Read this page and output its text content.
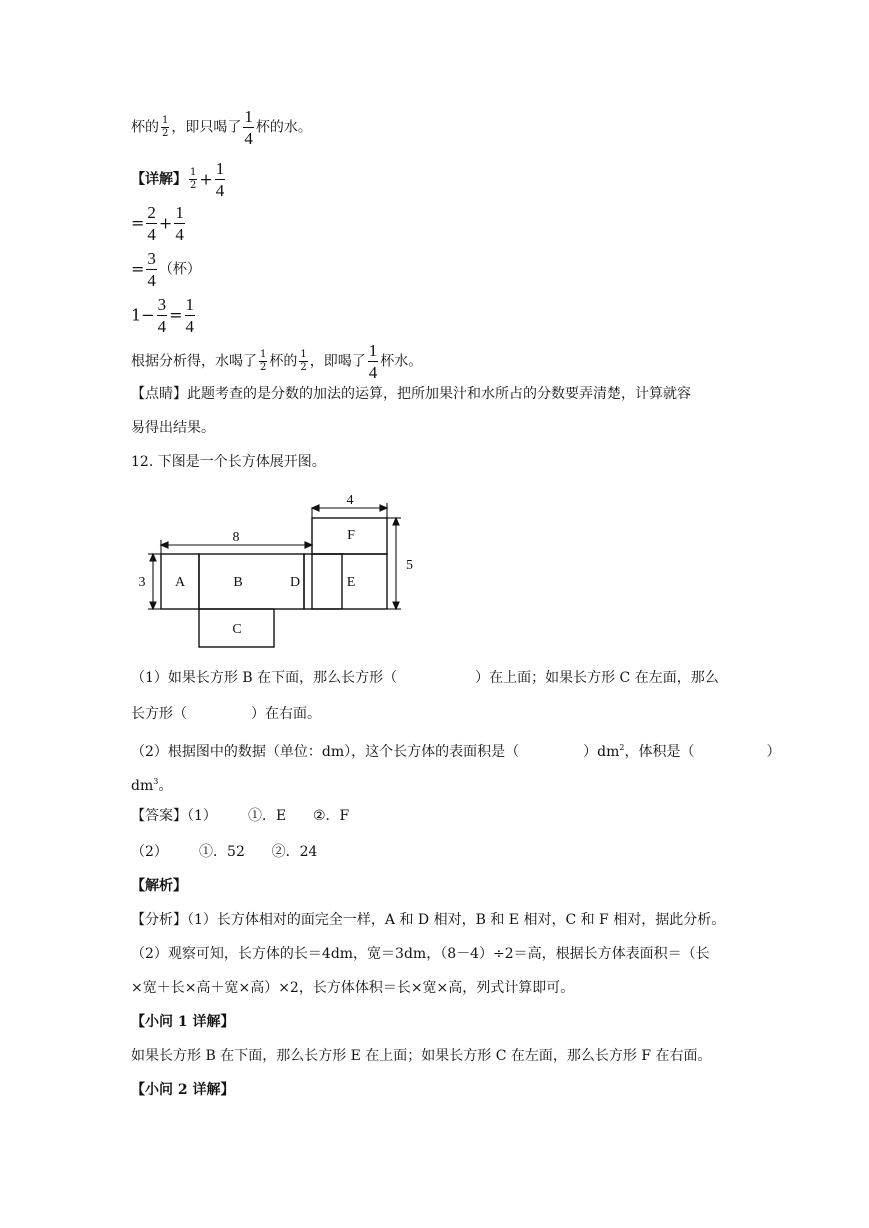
杯的 $\frac{1}{2}$ ，即只喝了 $\frac{1}{4}$ 杯的水。
【详解】 $\frac{1}{2} + \frac{1}{4}$
= $\frac{2}{4} + \frac{1}{4}$
= $\frac{3}{4}$ （杯）
$1- \frac{3}{4} = \frac{1}{4}$
根据分析得，水喝了 $\frac{1}{2}$ 杯的 $\frac{1}{2}$ ，即喝了 $\frac{1}{4}$ 杯水。
【点睛】此题考查的是分数的加法的运算，把所加果汁和水所占的分数要弄清楚，计算就容
易得出结果。
12. 下图是一个长方体展开图。
8
4
3
5
A	B	D	E
F
C
（1）如果长方形 B 在下面，那么长方形（	）在上面；如果长方形 C 在左面，那么
长方形（	）在右面。
（2）根据图中的数据（单位：dm），这个长方体的表面积是（	）$dm^2$，体积是（	）
$dm^3$。
【答案】（1）       ①．E      ②．F
（2）       ①．52      ②．24
【解析】
【分析】（1）长方体相对的面完全一样，A 和 D 相对，B 和 E 相对，C 和 F 相对，据此分析。
（2）观察可知，长方体的长＝4dm，宽＝3dm，（8－4）÷2＝高，根据长方体表面积＝（长
×宽＋长×高＋宽×高）×2，长方体体积＝长×宽×高，列式计算即可。
【小问 1 详解】
如果长方形 B 在下面，那么长方形 E 在上面；如果长方形 C 在左面，那么长方形 F 在右面。
【小问 2 详解】
